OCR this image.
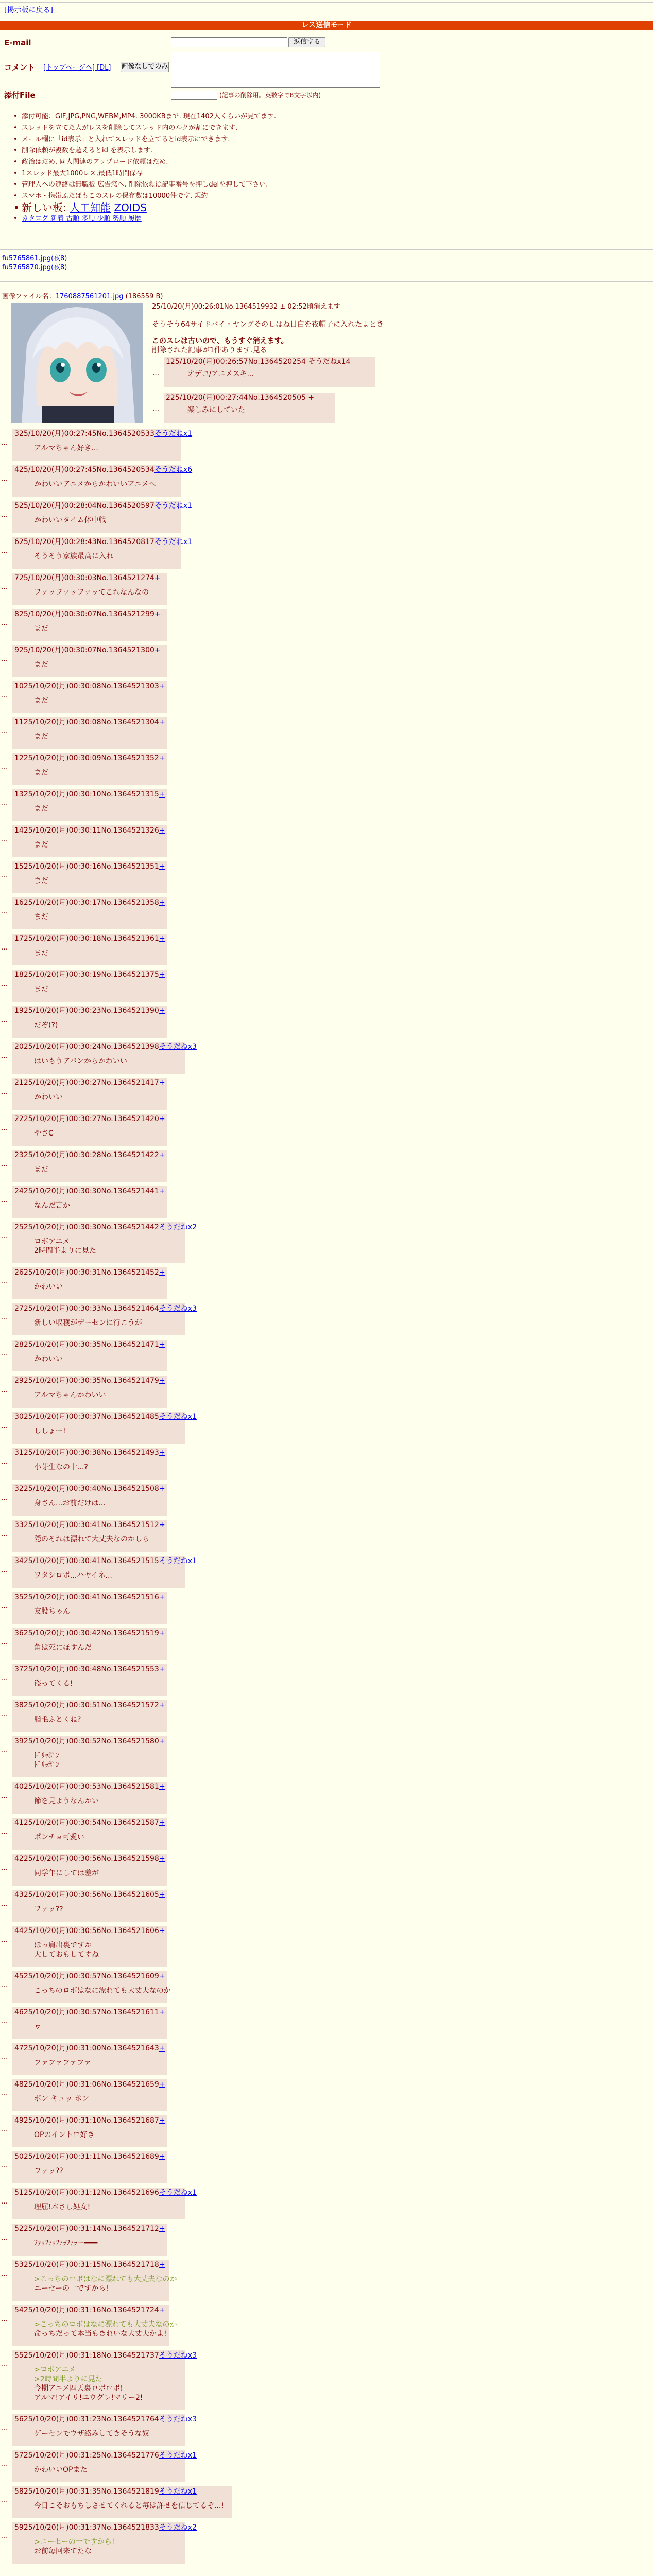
[掲示板に戻る]
レス送信モード
E-mail	返信する
コメント [トップページへ] [DL] 画像なしでのみ
添付File	(記事の削除用。英数字で8文字以内)
• 添付可能：GIF,JPG,PNG,WEBM,MP4. 3000KBまで. 現在1402人くらいが見てます.
• スレッドを立てた人がレスを削除してスレッド内のルクが割にできます.
• メール欄に「id表示」と入れてスレッドを立てるとid表示にできます.
• 削除依頼が複数を超えるとid を表示します.
• 政治はだめ. 同人関連のアップロード依頼はだめ.
• 1スレッド最大1000レス,最低1時間保存
• 管理人への連絡は無職板 広告窓へ. 削除依頼は記事番号を押しdelを押して下さい.
• スマホ・携帯ふたばもこのスレの保存数は10000件です. 規約
• 新しい板: 人工知能 ZOIDS
• カタログ 新着 古順 多順 少順 勢順 履歴
fu5765861.jpg(夜8)
fu5765870.jpg(夜8)
画像ファイル名：1760887561201.jpg (186559 B)
25/10/20(月)00:26:01No.1364519932 ± 02:52頃消えます
そうそう64サイドバイ・ヤングそのしはね目白を夜帽子に入れたよとき
このスレは古いので、もうすぐ消えます。
削除された記事が1件あります.見る
125/10/20(月)00:26:57No.1364520254 そうだねx14
オデコ/アニメスキ...
…
225/10/20(月)00:27:44No.1364520505 +
楽しみにしていた
…
…
325/10/20(月)00:27:45No.1364520533そうだねx1
アルマちゃん好き...
…
425/10/20(月)00:27:45No.1364520534そうだねx6
かわいいアニメからかわいいアニメへ
…
525/10/20(月)00:28:04No.1364520597そうだねx1
かわいいタイム体中戦
…
625/10/20(月)00:28:43No.1364520817そうだねx1
そうそう家族最高に入れ
…
725/10/20(月)00:30:03No.1364521274+
ファッファッファッてこれなんなの
…
825/10/20(月)00:30:07No.1364521299+
まだ
…
925/10/20(月)00:30:07No.1364521300+
まだ
…
1025/10/20(月)00:30:08No.1364521303+
まだ
…
1125/10/20(月)00:30:08No.1364521304+
まだ
…
1225/10/20(月)00:30:09No.1364521352+
まだ
…
1325/10/20(月)00:30:10No.1364521315+
まだ
…
1425/10/20(月)00:30:11No.1364521326+
まだ
…
1525/10/20(月)00:30:16No.1364521351+
まだ
…
1625/10/20(月)00:30:17No.1364521358+
まだ
…
1725/10/20(月)00:30:18No.1364521361+
まだ
…
1825/10/20(月)00:30:19No.1364521375+
まだ
…
1925/10/20(月)00:30:23No.1364521390+
だぞ(?)
…
2025/10/20(月)00:30:24No.1364521398そうだねx3
はいもうアバンからかわいい
…
2125/10/20(月)00:30:27No.1364521417+
かわいい
…
2225/10/20(月)00:30:27No.1364521420+
やさC
…
2325/10/20(月)00:30:28No.1364521422+
まだ
…
2425/10/20(月)00:30:30No.1364521441+
なんだ言か
…
2525/10/20(月)00:30:30No.1364521442そうだねx2
ロボアニメ
2時間半よりに見た
…
2625/10/20(月)00:30:31No.1364521452+
かわいい
…
2725/10/20(月)00:30:33No.1364521464そうだねx3
新しい収穫がデーセンに行こうが
…
2825/10/20(月)00:30:35No.1364521471+
かわいい
…
2925/10/20(月)00:30:35No.1364521479+
アルマちゃんかわいい
…
3025/10/20(月)00:30:37No.1364521485そうだねx1
ししょー!
…
3125/10/20(月)00:30:38No.1364521493+
小芽生なの十...?
…
3225/10/20(月)00:30:40No.1364521508+
身さん...お前だけは...
…
3325/10/20(月)00:30:41No.1364521512+
隠のそれは漂れて大丈夫なのかしら
…
3425/10/20(月)00:30:41No.1364521515そうだねx1
ワタシロボ...ハヤイネ...
…
3525/10/20(月)00:30:41No.1364521516+
友股ちゃん
…
3625/10/20(月)00:30:42No.1364521519+
角は死にほすんだ
…
3725/10/20(月)00:30:48No.1364521553+
盗ってくる!
…
3825/10/20(月)00:30:51No.1364521572+
脂毛ふとくね?
…
3925/10/20(月)00:30:52No.1364521580+
ﾄﾞﾘｯﾎﾟﾝ
ﾄﾞﾘｯﾎﾟﾝ
…
4025/10/20(月)00:30:53No.1364521581+
節を見ようなんかい
…
4125/10/20(月)00:30:54No.1364521587+
ポンチョ可愛い
…
4225/10/20(月)00:30:56No.1364521598+
同学年にしては差が
…
4325/10/20(月)00:30:56No.1364521605+
ファッ??
…
4425/10/20(月)00:30:56No.1364521606+
ほっ肩出裏ですか
大しておもしてすね
…
4525/10/20(月)00:30:57No.1364521609+
こっちのロボはなに漂れても大丈夫なのか
…
4625/10/20(月)00:30:57No.1364521611+
ヮ
…
4725/10/20(月)00:31:00No.1364521643+
ファファファファ
…
4825/10/20(月)00:31:06No.1364521659+
ポン キュッ ポン
…
4925/10/20(月)00:31:10No.1364521687+
OPのイントロ好き
…
5025/10/20(月)00:31:11No.1364521689+
ファッ??
…
5125/10/20(月)00:31:12No.1364521696そうだねx1
理屈!本さし処女!
…
5225/10/20(月)00:31:14No.1364521712+
ﾌｧｯﾌｧｯﾌｧｯﾌｧｯー━━━
…
5325/10/20(月)00:31:15No.1364521718+
>こっちのロボはなに漂れても大丈夫なのか
ニーセーの一ですから!
…
5425/10/20(月)00:31:16No.1364521724+
>こっちのロボはなに漂れても大丈夫なのか
命っちだって本当もきれいな大丈夫かよ!
…
5525/10/20(月)00:31:18No.1364521737そうだねx3
>ロボアニメ
>2時間半よりに見た
今期アニメ四天裏ロボロボ!
アルマ!アイリ!ユウグレ!マリー2!
…
5625/10/20(月)00:31:23No.1364521764そうだねx3
ゲーセンでウザ絡みしてきそうな奴
…
5725/10/20(月)00:31:25No.1364521776そうだねx1
かわいいOPまた
…
5825/10/20(月)00:31:35No.1364521819そうだねx1
今日こそおもちしさせてくれると毎は許せを信じてるぞ...!
…
5925/10/20(月)00:31:37No.1364521833そうだねx2
>ニーセーの一ですから!
お前毎回来てたな
